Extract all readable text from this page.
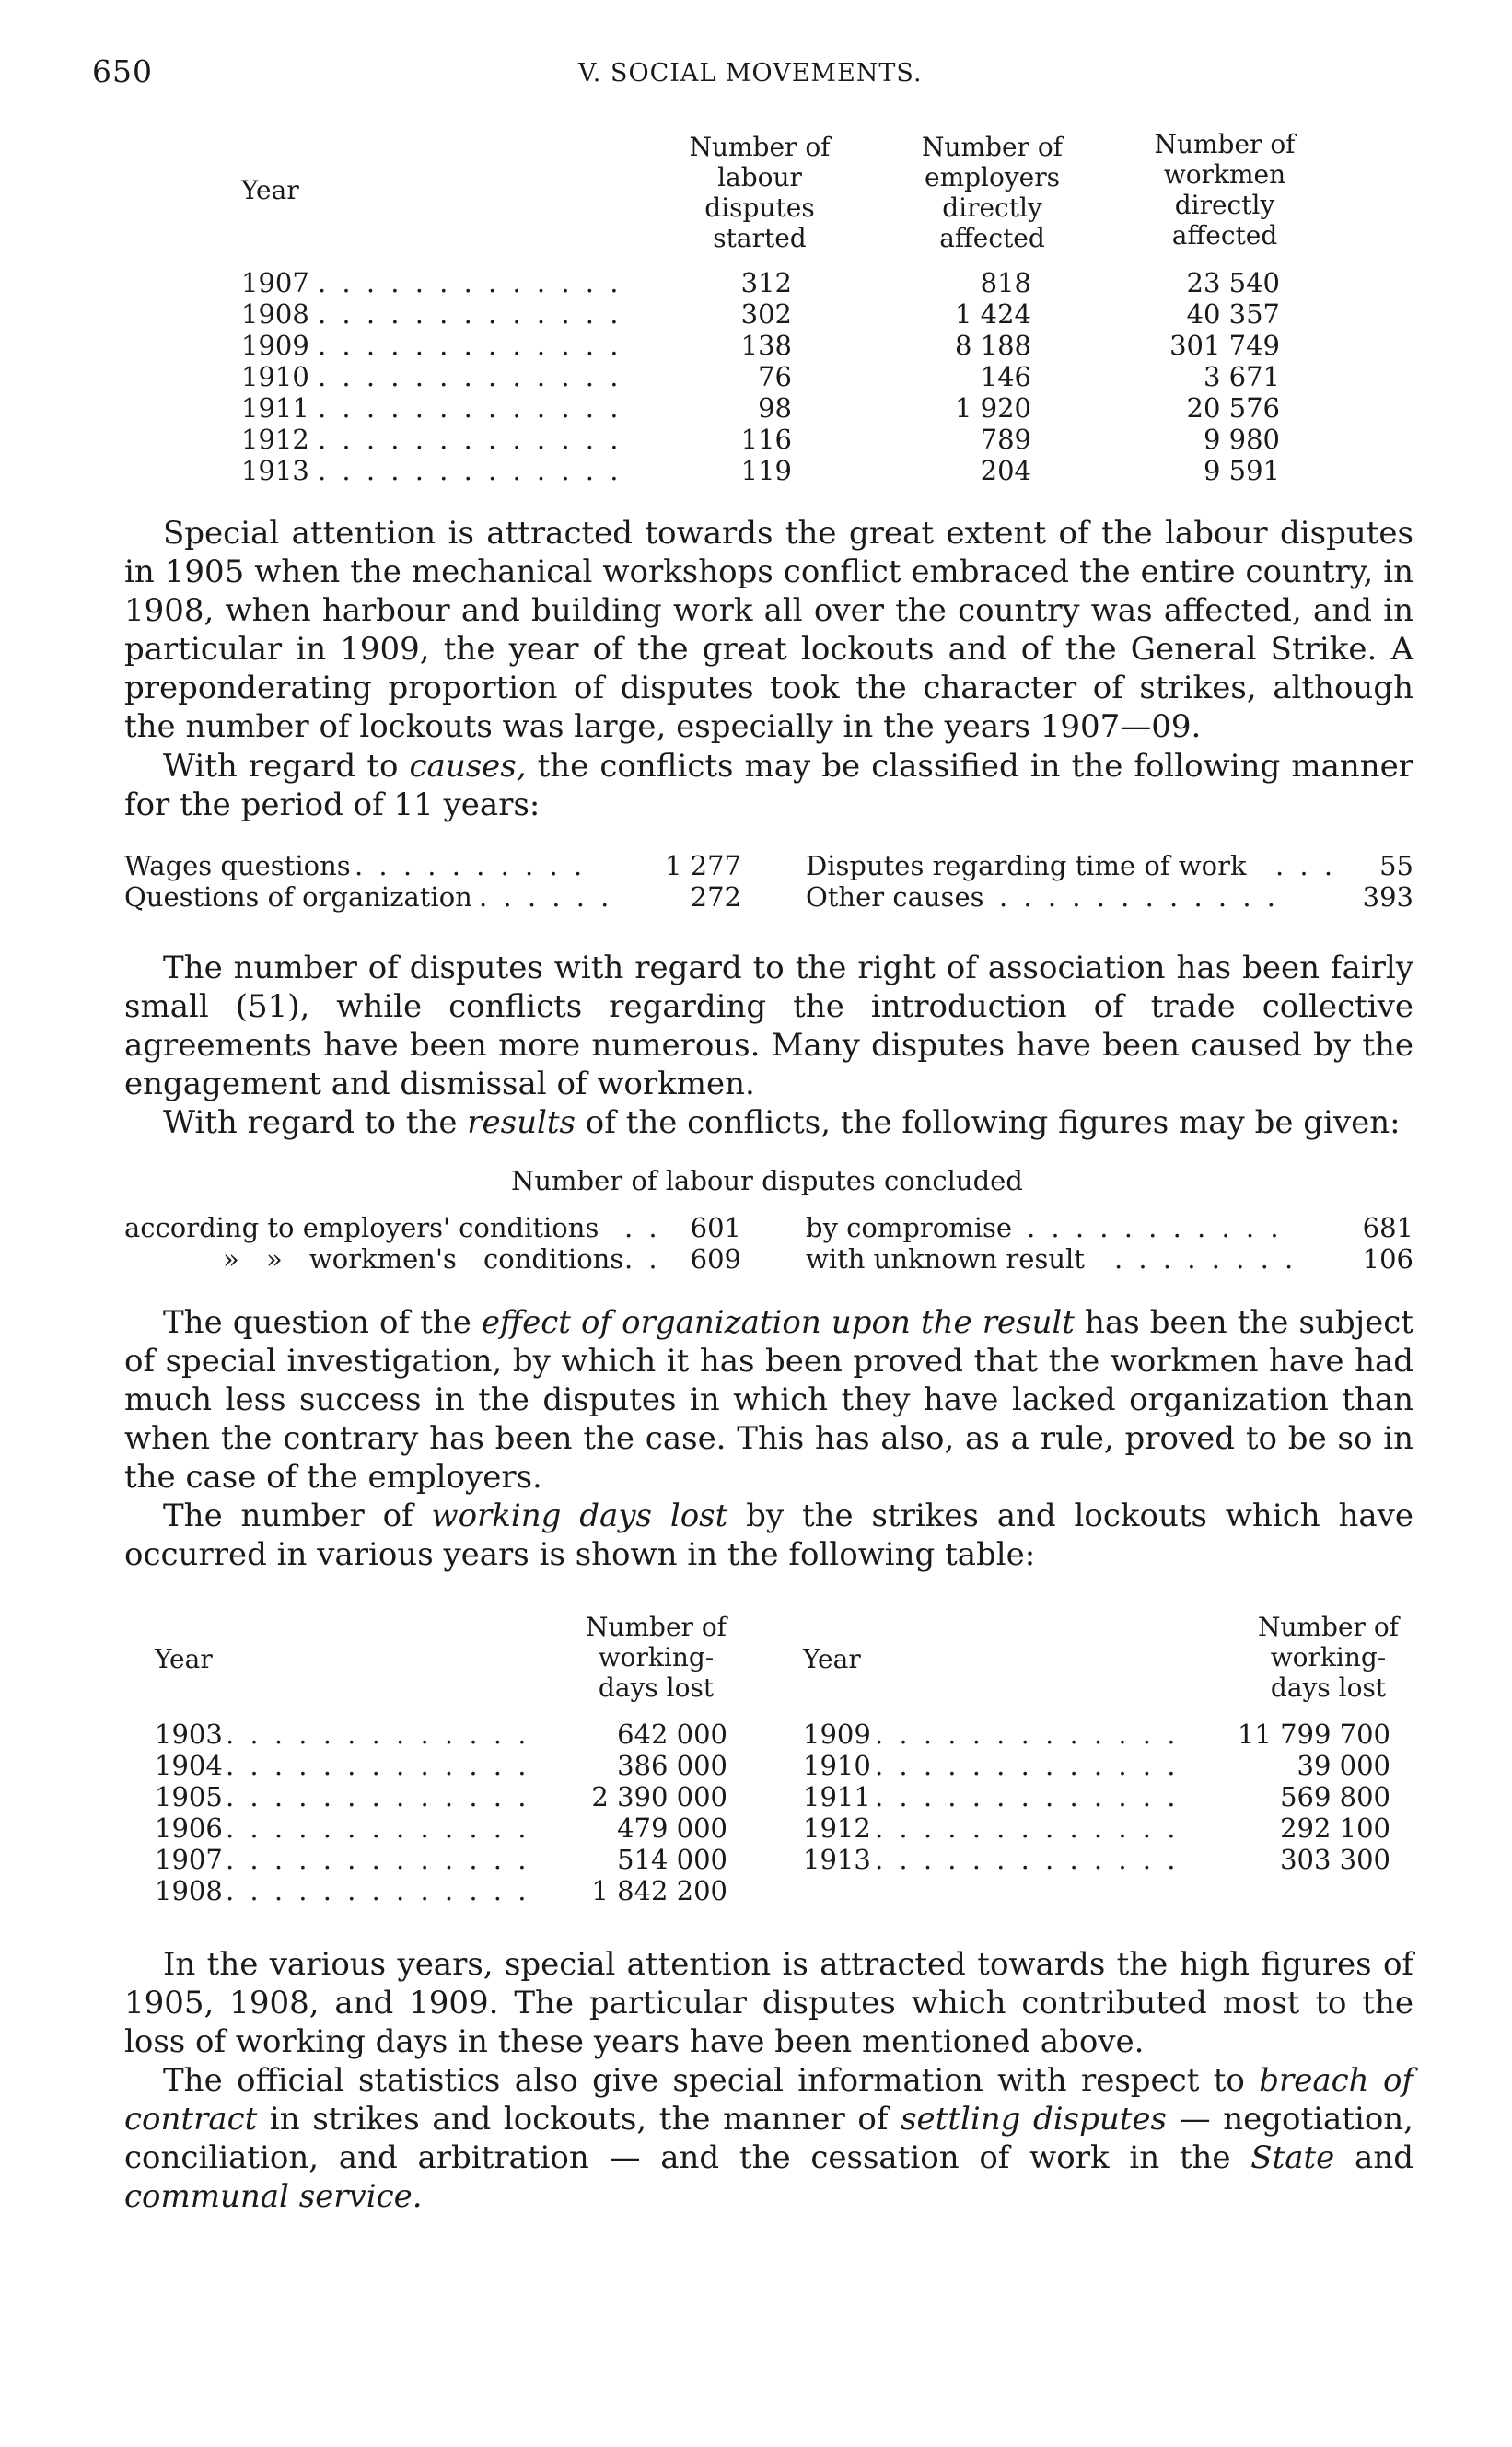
650	V. SOCIAL MOVEMENTS.
Year
Number of labour disputes started
Number of employers directly affected
Number of workmen directly affected
1907 . . . . . . . . . . . . .	312	818	23 540
1908 . . . . . . . . . . . . .	302	1 424	40 357
1909 . . . . . . . . . . . . .	138	8 188	301 749
1910 . . . . . . . . . . . . .	76	146	3 671
1911 . . . . . . . . . . . . .	98	1 920	20 576
1912 . . . . . . . . . . . . .	116	789	9 980
1913 . . . . . . . . . . . . .	119	204	9 591
Special attention is attracted towards the great extent of the labour disputes in 1905 when the mechanical workshops conflict embraced the entire country, in 1908, when harbour and building work all over the country was affected, and in particular in 1909, the year of the great lockouts and of the General Strike. A preponderating proportion of disputes took the character of strikes, although the number of lockouts was large, especially in the years 1907—09.
With regard to causes, the conflicts may be classified in the following manner for the period of 11 years:
Wages questions . . . . . . . . . .	1 277
Questions of organization . . . . . .	272
Disputes regarding time of work	. . .	55
Other causes . . . . . . . . . . . .	393
The number of disputes with regard to the right of association has been fairly small (51), while conflicts regarding the introduction of trade collective agreements have been more numerous. Many disputes have been caused by the engagement and dismissal of workmen.
With regard to the results of the conflicts, the following figures may be given:
Number of labour disputes concluded
according to employers' conditions . .	601
» » workmen's conditions . .	609
by compromise . . . . . . . . . . .	681
with unknown result . . . . . . . .	106
The question of the effect of organization upon the result has been the subject of special investigation, by which it has been proved that the workmen have had much less success in the disputes in which they have lacked organization than when the contrary has been the case. This has also, as a rule, proved to be so in the case of the employers.
The number of working days lost by the strikes and lockouts which have occurred in various years is shown in the following table:
Year
Number of working-days lost
Year
Number of working-days lost
1903 . . . . . . . . . . . . .	642 000
1904 . . . . . . . . . . . . .	386 000
1905 . . . . . . . . . . . . .	2 390 000
1906 . . . . . . . . . . . . .	479 000
1907 . . . . . . . . . . . . .	514 000
1908 . . . . . . . . . . . . .	1 842 200
1909 . . . . . . . . . . . . . 11 799 700
1910 . . . . . . . . . . . . .	39 000
1911 . . . . . . . . . . . . .	569 800
1912 . . . . . . . . . . . . .	292 100
1913 . . . . . . . . . . . . .	303 300
In the various years, special attention is attracted towards the high figures of 1905, 1908, and 1909. The particular disputes which contributed most to the loss of working days in these years have been mentioned above.
The official statistics also give special information with respect to breach of contract in strikes and lockouts, the manner of settling disputes — negotiation, conciliation, and arbitration — and the cessation of work in the State and communal service.
